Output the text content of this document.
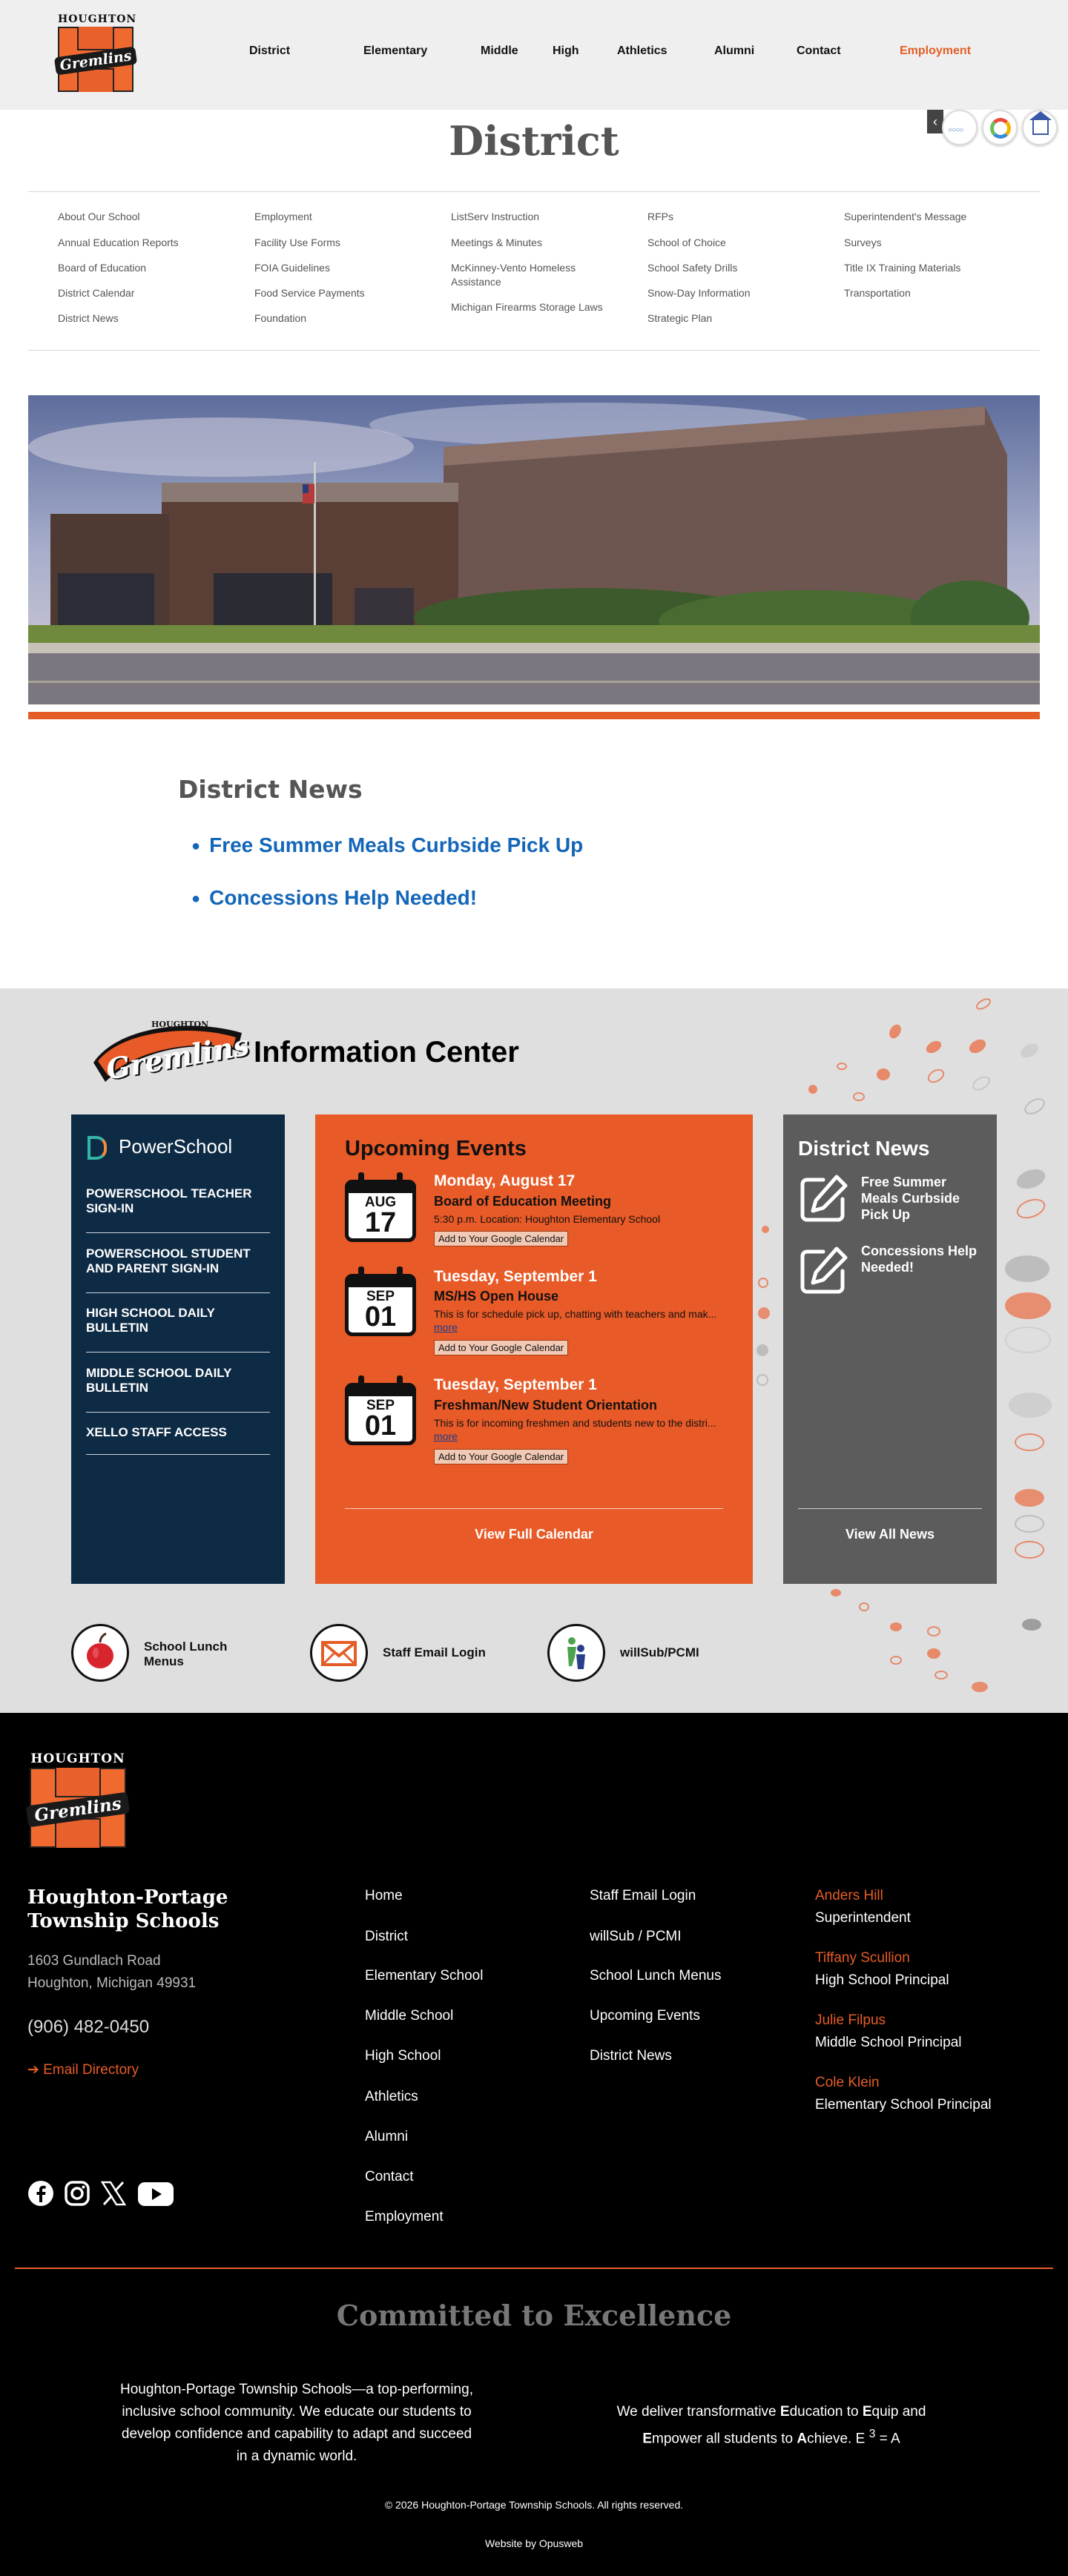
HOUGHTON
Gremlins	District	Elementary	Middle	High	Athletics	Alumni	Contact	Employment
District	‹
○○○○
About Our School
Annual Education Reports
Board of Education
District Calendar
District News
Employment
Facility Use Forms
FOIA Guidelines
Food Service Payments
Foundation
ListServ Instruction
Meetings & Minutes
McKinney-Vento Homeless Assistance
Michigan Firearms Storage Laws
RFPs
School of Choice
School Safety Drills
Snow-Day Information
Strategic Plan
Superintendent's Message
Surveys
Title IX Training Materials
Transportation
District News
● Free Summer Meals Curbside Pick Up
● Concessions Help Needed!
HOUGHTON
Gremlins Information Center
PowerSchool
POWERSCHOOL TEACHER SIGN-IN
POWERSCHOOL STUDENT AND PARENT SIGN-IN
HIGH SCHOOL DAILY BULLETIN
MIDDLE SCHOOL DAILY BULLETIN
XELLO STAFF ACCESS
Upcoming Events
AUG
17
Monday, August 17
Board of Education Meeting
5:30 p.m. Location: Houghton Elementary School
Add to Your Google Calendar
SEP
01
Tuesday, September 1
MS/HS Open House
This is for schedule pick up, chatting with teachers and mak... more
Add to Your Google Calendar
SEP
01
Tuesday, September 1
Freshman/New Student Orientation
This is for incoming freshmen and students new to the distri... more
Add to Your Google Calendar
View Full Calendar
District News
Free Summer Meals Curbside Pick Up
Concessions Help Needed!
View All News
School Lunch Menus
Staff Email Login	willSub/PCMI
HOUGHTON
Gremlins
Houghton-Portage Township Schools
1603 Gundlach Road
Houghton, Michigan 49931
(906) 482-0450
➔ Email Directory
Home
District
Elementary School
Middle School
High School
Athletics
Alumni
Contact
Employment
Staff Email Login
willSub / PCMI
School Lunch Menus
Upcoming Events
District News
Anders Hill
Superintendent
Tiffany Scullion
High School Principal
Julie Filpus
Middle School Principal
Cole Klein
Elementary School Principal
Committed to Excellence
Houghton-Portage Township Schools—a top-performing, inclusive school community. We educate our students to develop confidence and capability to adapt and succeed in a dynamic world.
We deliver transformative Education to Equip and
Empower all students to Achieve. E $^3$ = A
© 2026 Houghton-Portage Township Schools. All rights reserved.
Website by Opusweb
